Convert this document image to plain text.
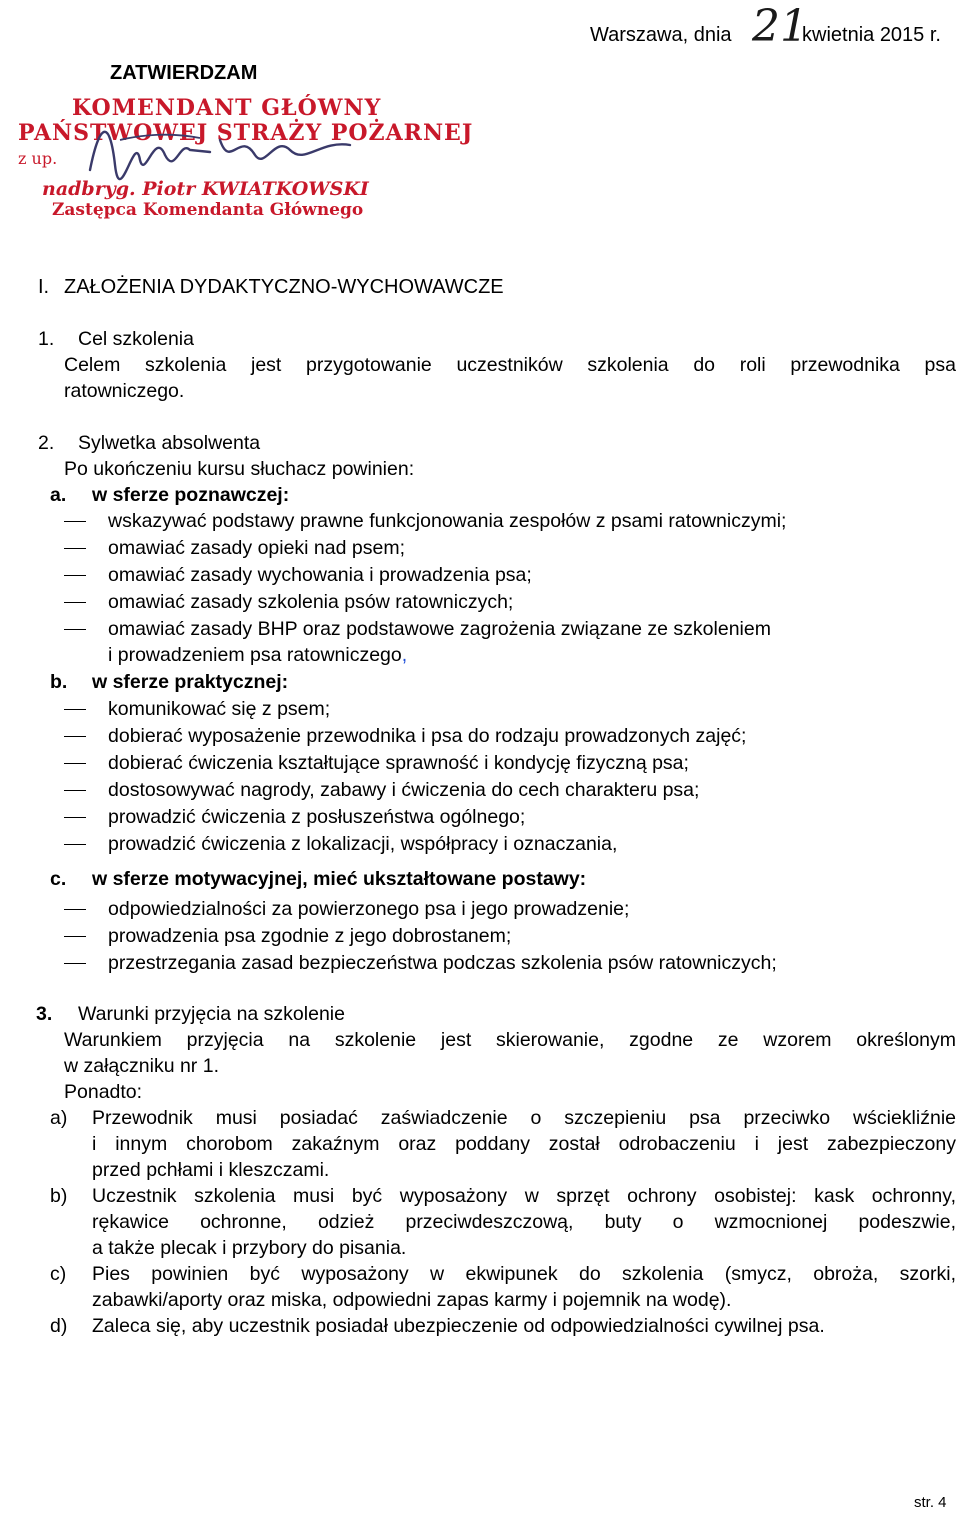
ZATWIERDZAM
Warszawa, dnia 21
kwietnia 2015 r.
KOMENDANT GŁÓWNY
PAŃSTWOWEJ STRAŻY POŻARNEJ
z up.
nadbryg. Piotr KWIATKOWSKI
Zastępca Komendanta Głównego
I. ZAŁOŻENIA DYDAKTYCZNO-WYCHOWAWCZE
1. Cel szkolenia
Celem szkolenia jest przygotowanie uczestników szkolenia do roli przewodnika psa
ratowniczego.
2. Sylwetka absolwenta
Po ukończeniu kursu słuchacz powinien:
a. w sferze poznawczej:
wskazywać podstawy prawne funkcjonowania zespołów z psami ratowniczymi;
omawiać zasady opieki nad psem;
omawiać zasady wychowania i prowadzenia psa;
omawiać zasady szkolenia psów ratowniczych;
omawiać zasady BHP oraz podstawowe zagrożenia związane ze szkoleniem
i prowadzeniem psa ratowniczego,
b. w sferze praktycznej:
komunikować się z psem;
dobierać wyposażenie przewodnika i psa do rodzaju prowadzonych zajęć;
dobierać ćwiczenia kształtujące sprawność i kondycję fizyczną psa;
dostosowywać nagrody, zabawy i ćwiczenia do cech charakteru psa;
prowadzić ćwiczenia z posłuszeństwa ogólnego;
prowadzić ćwiczenia z lokalizacji, współpracy i oznaczania,
c. w sferze motywacyjnej, mieć ukształtowane postawy:
odpowiedzialności za powierzonego psa i jego prowadzenie;
prowadzenia psa zgodnie z jego dobrostanem;
przestrzegania zasad bezpieczeństwa podczas szkolenia psów ratowniczych;
3. Warunki przyjęcia na szkolenie
Warunkiem przyjęcia na szkolenie jest skierowanie, zgodne ze wzorem określonym
w załączniku nr 1.
Ponadto:
a) Przewodnik musi posiadać zaświadczenie o szczepieniu psa przeciwko wściekliźnie
i innym chorobom zakaźnym oraz poddany został odrobaczeniu i jest zabezpieczony
przed pchłami i kleszczami.
b) Uczestnik szkolenia musi być wyposażony w sprzęt ochrony osobistej: kask ochronny,
rękawice ochronne, odzież przeciwdeszczową, buty o wzmocnionej podeszwie,
a także plecak i przybory do pisania.
c) Pies powinien być wyposażony w ekwipunek do szkolenia (smycz, obroża, szorki,
zabawki/aporty oraz miska, odpowiedni zapas karmy i pojemnik na wodę).
d) Zaleca się, aby uczestnik posiadał ubezpieczenie od odpowiedzialności cywilnej psa.
str. 4
